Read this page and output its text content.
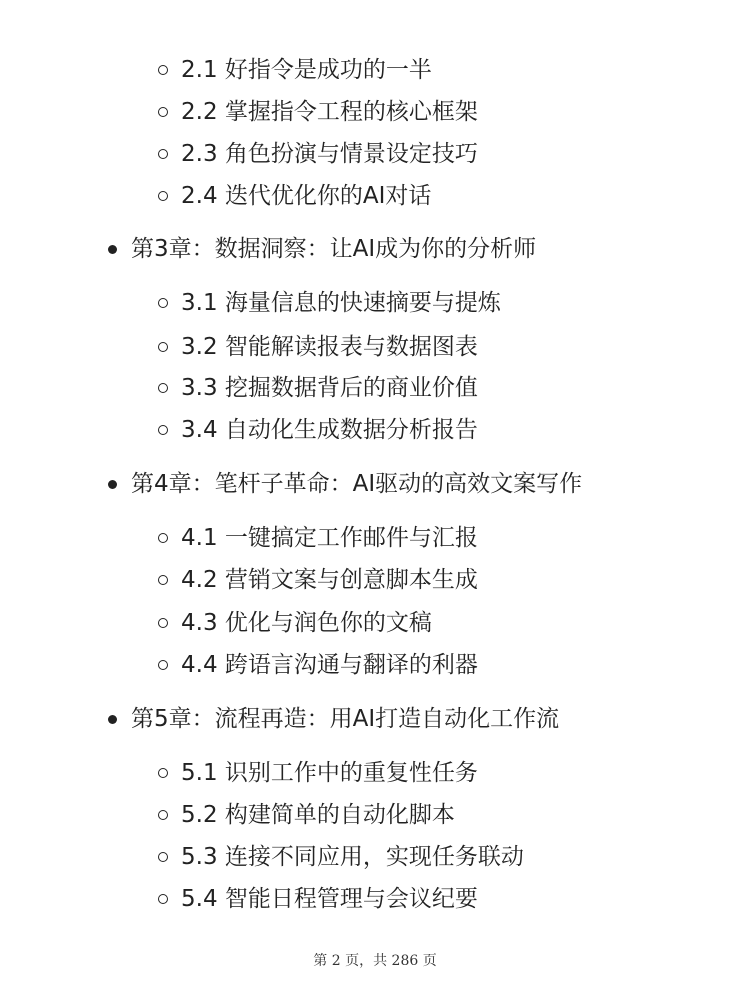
2.1 好指令是成功的一半
2.2 掌握指令工程的核心框架
2.3 角色扮演与情景设定技巧
2.4 迭代优化你的AI对话
第3章：数据洞察：让AI成为你的分析师
3.1 海量信息的快速摘要与提炼
3.2 智能解读报表与数据图表
3.3 挖掘数据背后的商业价值
3.4 自动化生成数据分析报告
第4章：笔杆子革命：AI驱动的高效文案写作
4.1 一键搞定工作邮件与汇报
4.2 营销文案与创意脚本生成
4.3 优化与润色你的文稿
4.4 跨语言沟通与翻译的利器
第5章：流程再造：用AI打造自动化工作流
5.1 识别工作中的重复性任务
5.2 构建简单的自动化脚本
5.3 连接不同应用，实现任务联动
5.4 智能日程管理与会议纪要
第 2 页，共 286 页
